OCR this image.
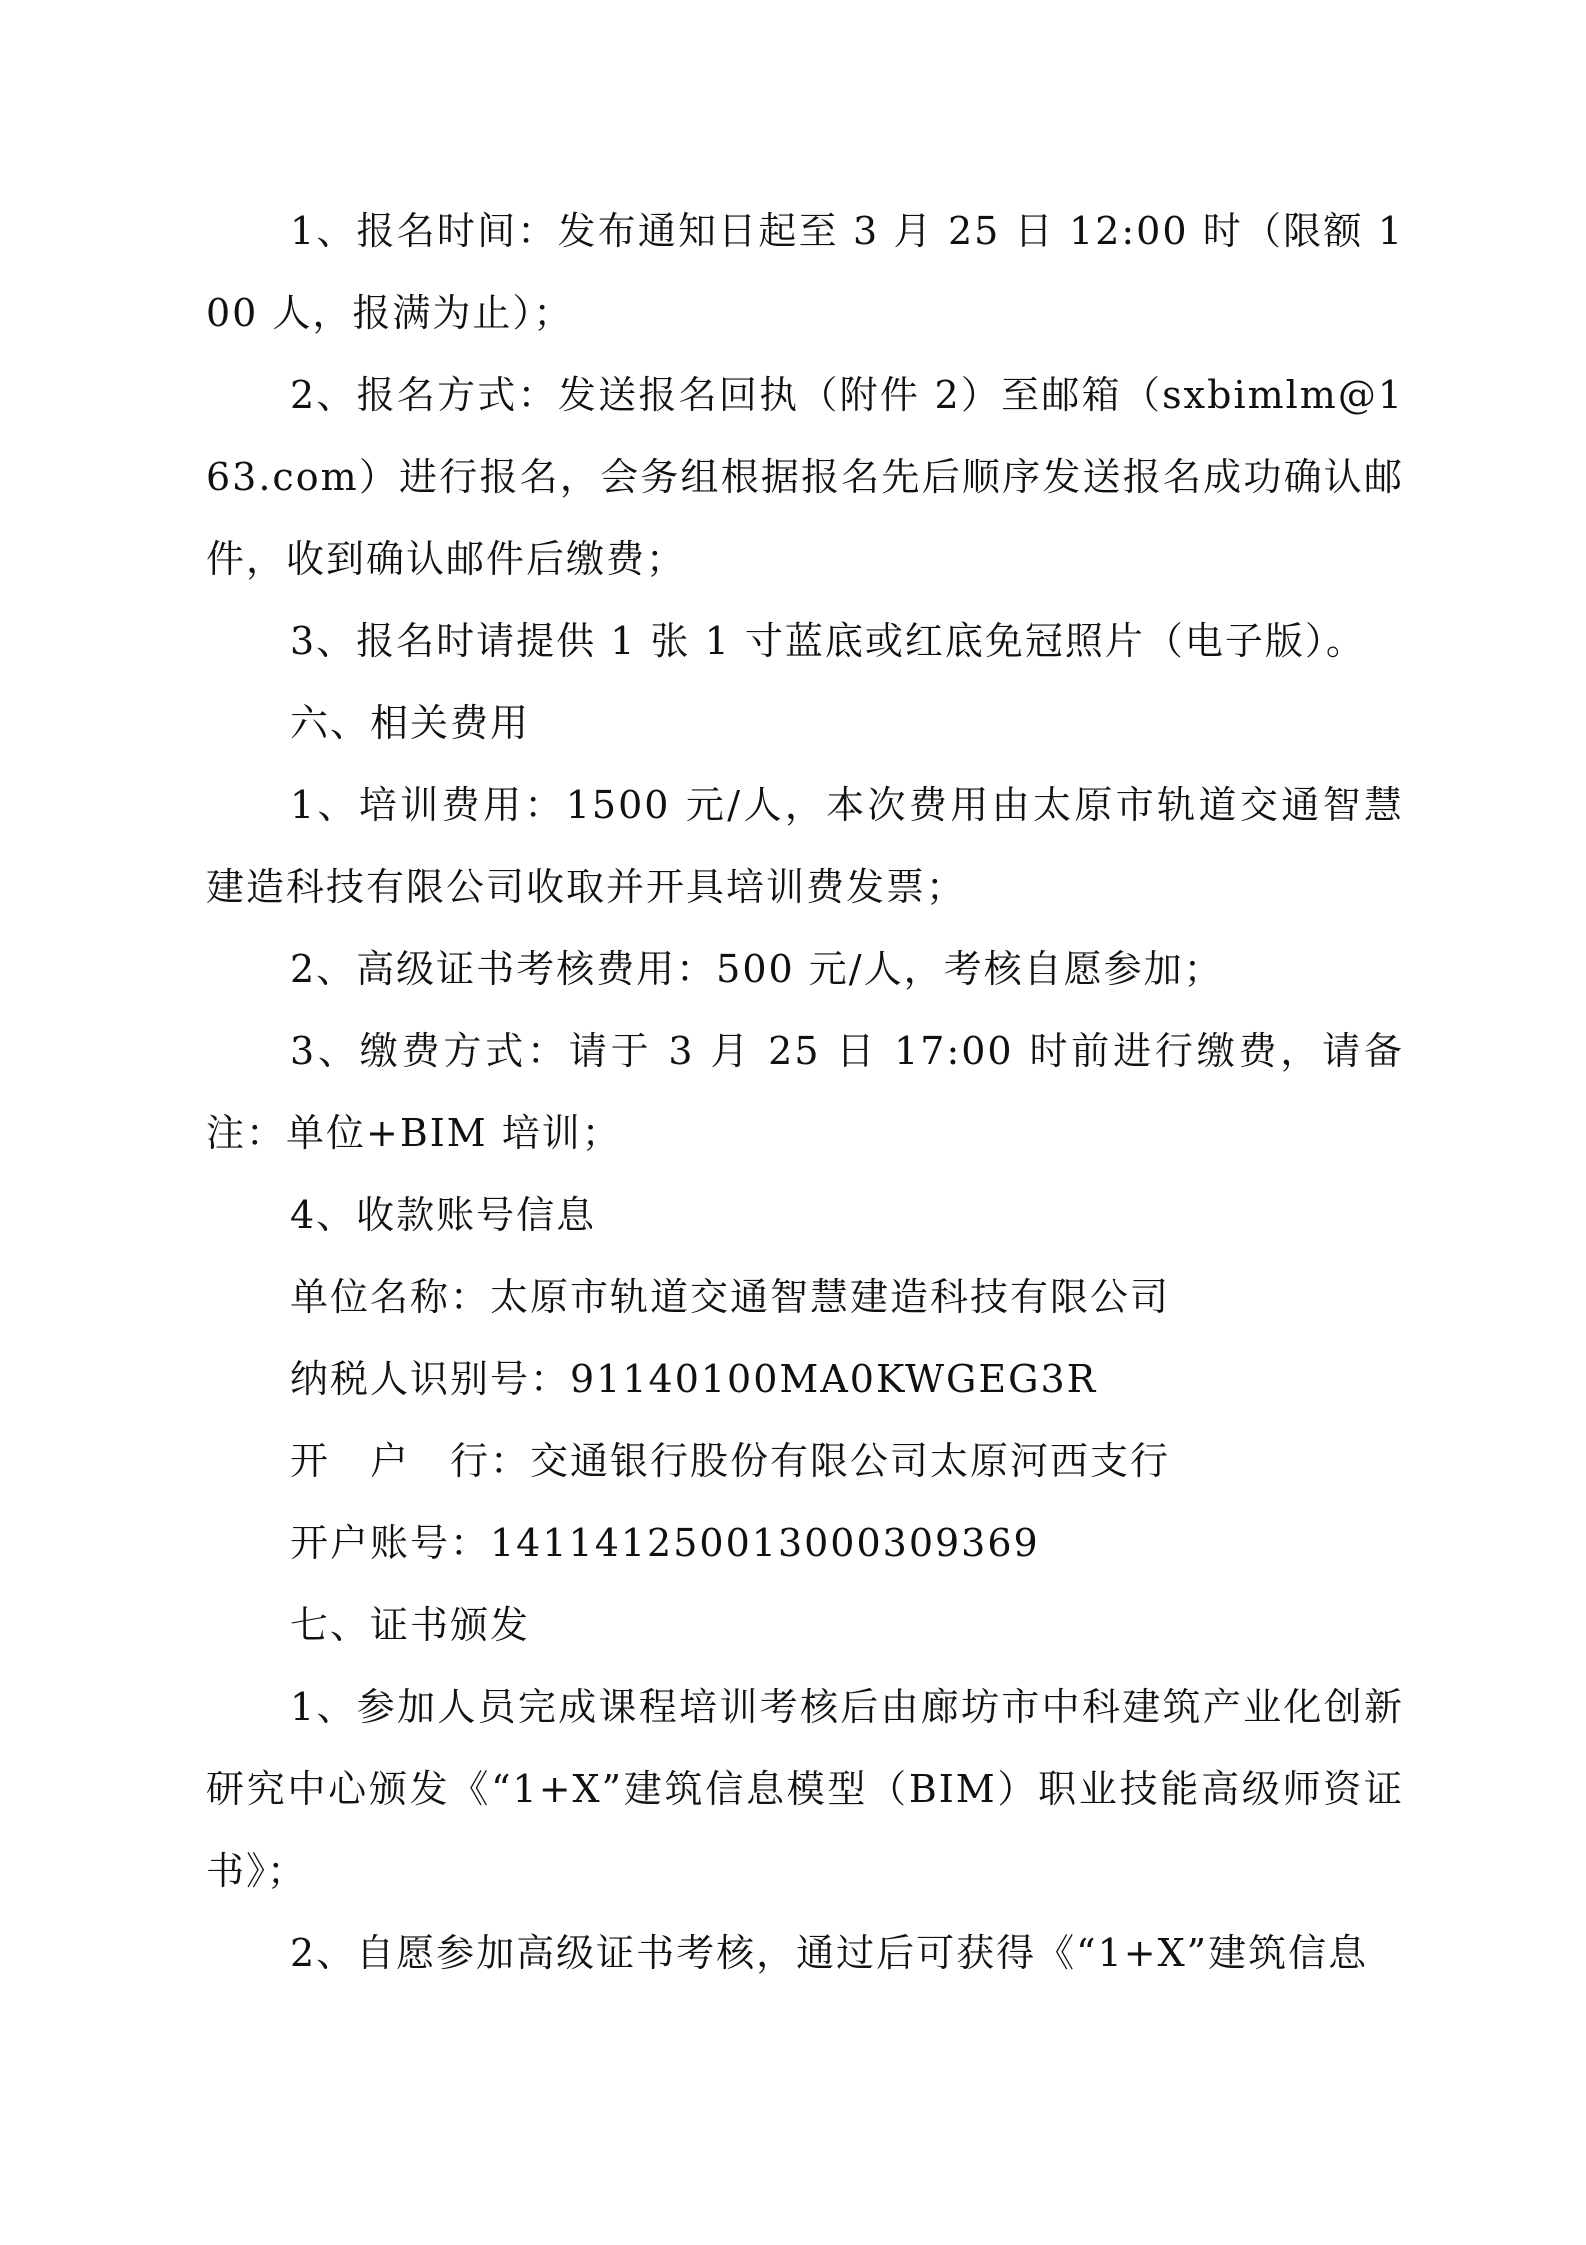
1、报名时间：发布通知日起至 3 月 25 日 12:00 时（限额 100 人，报满为止）；

2、报名方式：发送报名回执（附件 2）至邮箱（sxbimlm@163.com）进行报名，会务组根据报名先后顺序发送报名成功确认邮件，收到确认邮件后缴费；

3、报名时请提供 1 张 1 寸蓝底或红底免冠照片（电子版）。

六、相关费用

1、培训费用：1500 元/人，本次费用由太原市轨道交通智慧建造科技有限公司收取并开具培训费发票；

2、高级证书考核费用：500 元/人，考核自愿参加；

3、缴费方式：请于 3 月 25 日 17:00 时前进行缴费，请备注：单位+BIM 培训；

4、收款账号信息

单位名称：太原市轨道交通智慧建造科技有限公司

纳税人识别号：91140100MA0KWGEG3R

开　户　行：交通银行股份有限公司太原河西支行

开户账号：141141250013000309369

七、证书颁发

1、参加人员完成课程培训考核后由廊坊市中科建筑产业化创新研究中心颁发《“1+X”建筑信息模型（BIM）职业技能高级师资证书》；

2、自愿参加高级证书考核，通过后可获得《“1+X”建筑信息
